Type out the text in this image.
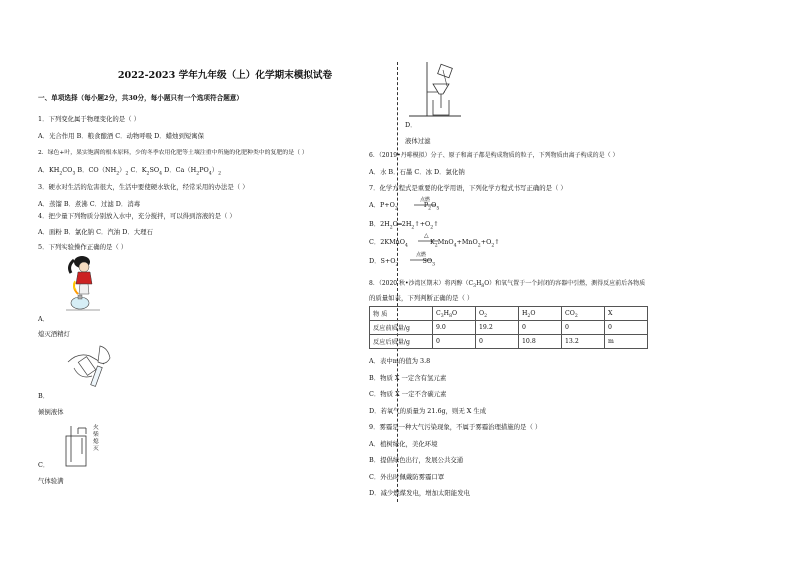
2022-2023 学年九年级（上）化学期末模拟试卷
一、单项选择（每小题2分，共30分，每小题只有一个选项符合题意）
1．下列变化属于物理变化的是（ ）
A．光合作用 B．粮食酿酒 C．动物呼吸 D．蜡烛到短寓保
2．绿色+叶，果实饱满的根本原料，少的冬季农用化肥等土壤注重中所施的化肥种类中的复肥的是（ ）
A．$KH_2CO_3$ B．$CO(NH_2)_2$ C．$K_2SO_4$ D．$Ca(H_2PO_4)_2$
3．硬水对生活的危害很大，生活中要使硬水软化，经常采用的办法是（ ）
A．蒸馏 B．煮沸 C．过滤 D．消毒
4．把少量下列物质分别放入水中，充分搅拌，可以得到溶液的是（ ）
A．面粉 B．氯化钠 C．汽油 D．大理石
5．下列实验操作正确的是（ ）
A．
熄灭酒精灯
B．
倾倒液体
火
柴
熄
灭
C．
气体验满
D．
液体过滤
6．（2019•丹啡模拟）分子、原子和离子都是构成物质的粒子，下列物质由离子构成的是（ ）
A．水 B．石墨 C．冰 D．氯化钠
7．化学方程式是重要的化学用语，下列化学方程式书写正确的是（ ）
点燃
A．$P+O_2$	$P_2O_5$
B．$2H_2O═2H_2↑+O_2↑$
△
C．2KMnO$_4$	$K_2MnO_4+MnO_2+O_2↑$
点燃
D．$S+O_2$	$SO_3$
8．（2020 秋•沙湾区期末）将丙醇$(C_3H_8O)$和氧气置于一个封闭的容器中引燃，测得反应前后各物质
的质量如表，下列判断正确的是（ ）
物 质	$C_3H_8O$	$O_2$	$H_2O$	$CO_2$	X
反应前质量/g	9.0	19.2	0	0	0
反应后质量/g	0	0	10.8	13.2	m
A．表中m的值为 3.8
B．物质 X 一定含有氢元素
C．物质 X 一定不含碳元素
D．若氧气的质量为 21.6g，则无 X 生成
9．雾霾是一种大气污染现象，不属于雾霾治理措施的是（ ）
A．植树绿化，美化环境
B．提倡绿色出行，发展公共交通
C．外出时佩戴防雾霾口罩
D．减少燃煤发电，增加太阳能发电
